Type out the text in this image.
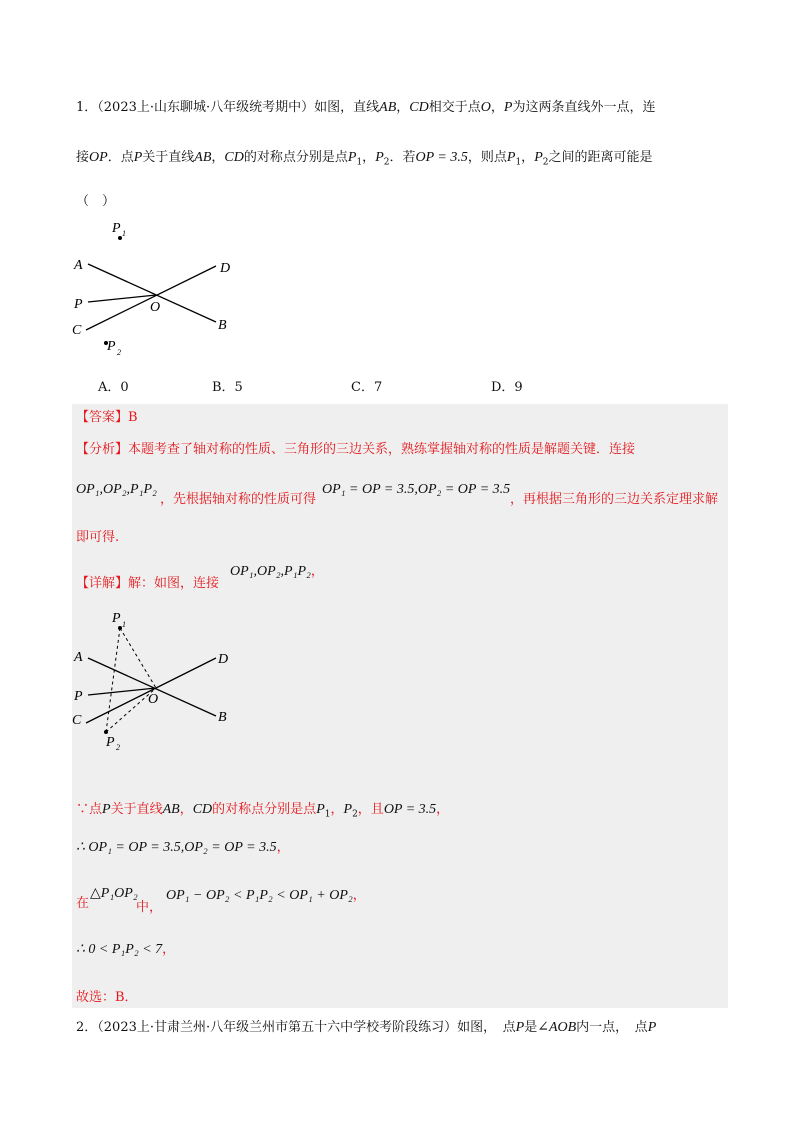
1．（2023上·山东聊城·八年级统考期中）如图，直线AB，CD相交于点O，P为这两条直线外一点，连
接OP．点P关于直线AB，CD的对称点分别是点$P_1$，$P_2$．若OP = 3.5，则点$P_1$，$P_2$之间的距离可能是
（　）
A	D
P	O
C	B
P 1
P 2
A．0	B．5	C．7	D．9
【答案】B
【分析】本题考查了轴对称的性质、三角形的三边关系，熟练掌握轴对称的性质是解题关键．连接
OP₁,OP₂,P₁P₂
，先根据轴对称的性质可得
OP₁ = OP = 3.5,OP₂ = OP = 3.5
，再根据三角形的三边关系定理求解
即可得.
【详解】解：如图，连接
OP₁,OP₂,P₁P₂，
A	D
P	O
C	B
P 1
P 2
∵点P关于直线AB，CD的对称点分别是点$P_1$，$P_2$，且OP = 3.5，
∴ OP₁ = OP = 3.5,OP₂ = OP = 3.5，
在
△P₁OP₂
中，
OP₁ − OP₂ < P₁P₂ < OP₁ + OP₂，
∴ 0 < P₁P₂ < 7，
故选：B．
2．（2023上·甘肃兰州·八年级兰州市第五十六中学校考阶段练习）如图，　点P是∠AOB内一点，　点P
